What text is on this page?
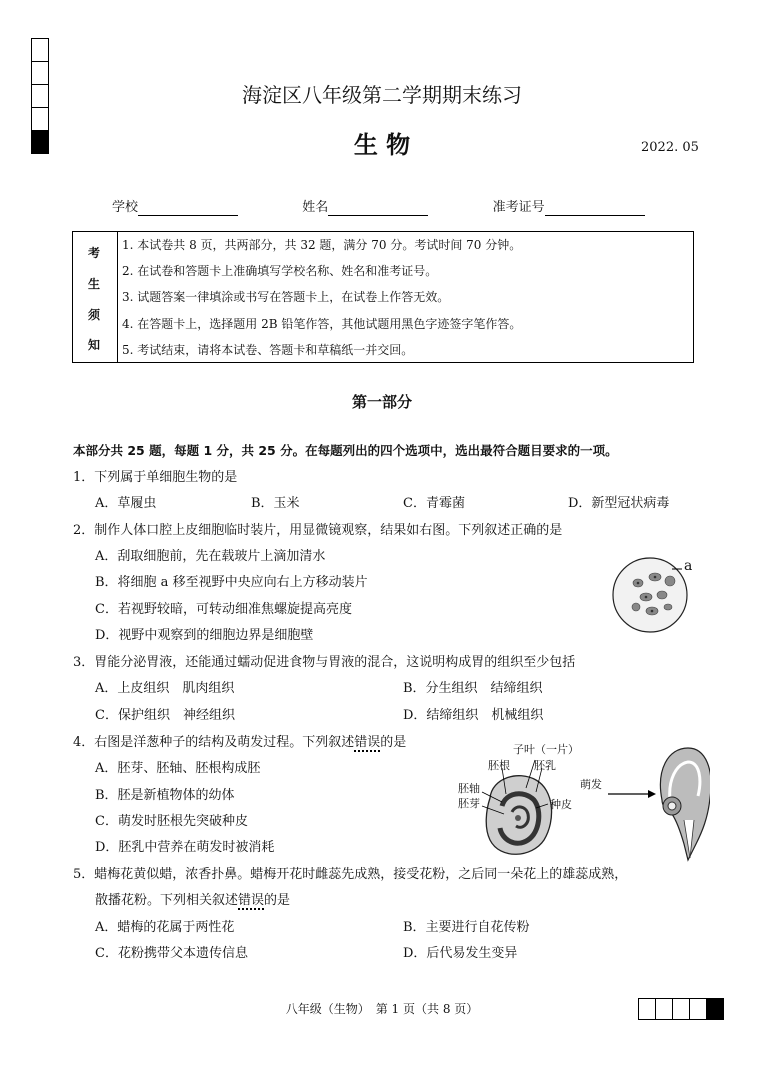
海淀区八年级第二学期期末练习
生 物	2022. 05
学校	姓名	准考证号
考
生
须
知
1. 本试卷共 8 页，共两部分，共 32 题，满分 70 分。考试时间 70 分钟。
2. 在试卷和答题卡上准确填写学校名称、姓名和准考证号。
3. 试题答案一律填涂或书写在答题卡上，在试卷上作答无效。
4. 在答题卡上，选择题用 2B 铅笔作答，其他试题用黑色字迹签字笔作答。
5. 考试结束，请将本试卷、答题卡和草稿纸一并交回。
第一部分
本部分共 25 题，每题 1 分，共 25 分。在每题列出的四个选项中，选出最符合题目要求的一项。
1．下列属于单细胞生物的是
A．草履虫	B．玉米	C．青霉菌	D．新型冠状病毒
2．制作人体口腔上皮细胞临时装片，用显微镜观察，结果如右图。下列叙述正确的是
A．刮取细胞前，先在载玻片上滴加清水
B．将细胞 a 移至视野中央应向右上方移动装片
C．若视野较暗，可转动细准焦螺旋提高亮度
D．视野中观察到的细胞边界是细胞壁
a
3．胃能分泌胃液，还能通过蠕动促进食物与胃液的混合，这说明构成胃的组织至少包括
A．上皮组织　肌肉组织	B．分生组织　结缔组织
C．保护组织　神经组织	D．结缔组织　机械组织
4．右图是洋葱种子的结构及萌发过程。下列叙述错误的是
A．胚芽、胚轴、胚根构成胚
B．胚是新植物体的幼体
C．萌发时胚根先突破种皮
D．胚乳中营养在萌发时被消耗
子叶（一片）
胚根 胚乳
胚轴
胚芽	种皮
萌发
5．蜡梅花黄似蜡，浓香扑鼻。蜡梅开花时雌蕊先成熟，接受花粉，之后同一朵花上的雄蕊成熟，
散播花粉。下列相关叙述错误的是
A．蜡梅的花属于两性花	B．主要进行自花传粉
C．花粉携带父本遗传信息	D．后代易发生变异
八年级（生物）　第 1 页（共 8 页）
